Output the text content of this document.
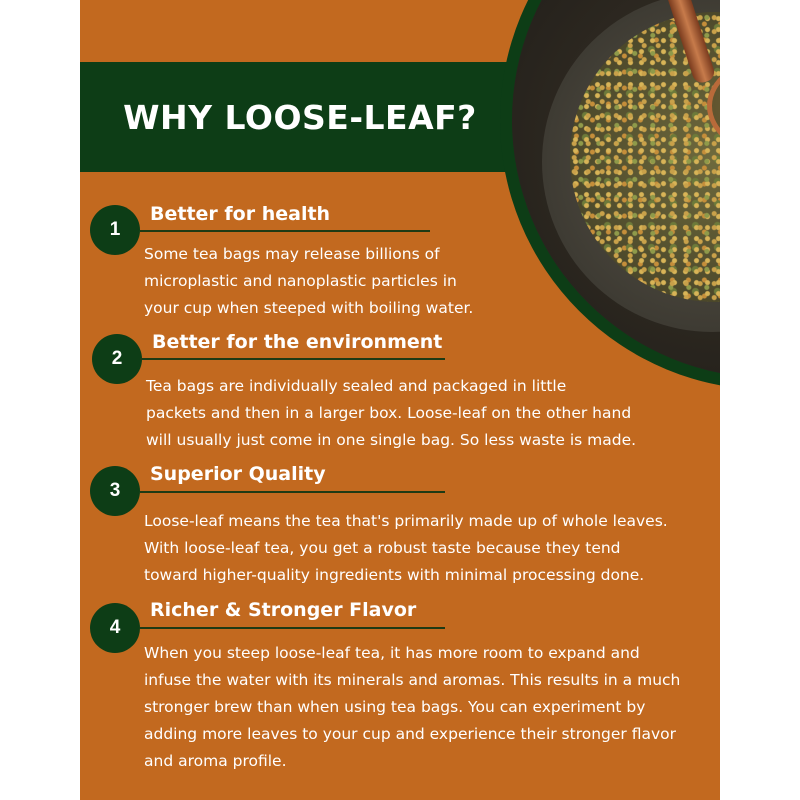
WHY LOOSE-LEAF?
1
Better for health
Some tea bags may release billions of
microplastic and nanoplastic particles in
your cup when steeped with boiling water.
2
Better for the environment
Tea bags are individually sealed and packaged in little
packets and then in a larger box. Loose-leaf on the other hand
will usually just come in one single bag. So less waste is made.
3
Superior Quality
Loose-leaf means the tea that's primarily made up of whole leaves.
With loose-leaf tea, you get a robust taste because they tend
toward higher-quality ingredients with minimal processing done.
4
Richer & Stronger Flavor
When you steep loose-leaf tea, it has more room to expand and
infuse the water with its minerals and aromas. This results in a much
stronger brew than when using tea bags. You can experiment by
adding more leaves to your cup and experience their stronger flavor
and aroma profile.
